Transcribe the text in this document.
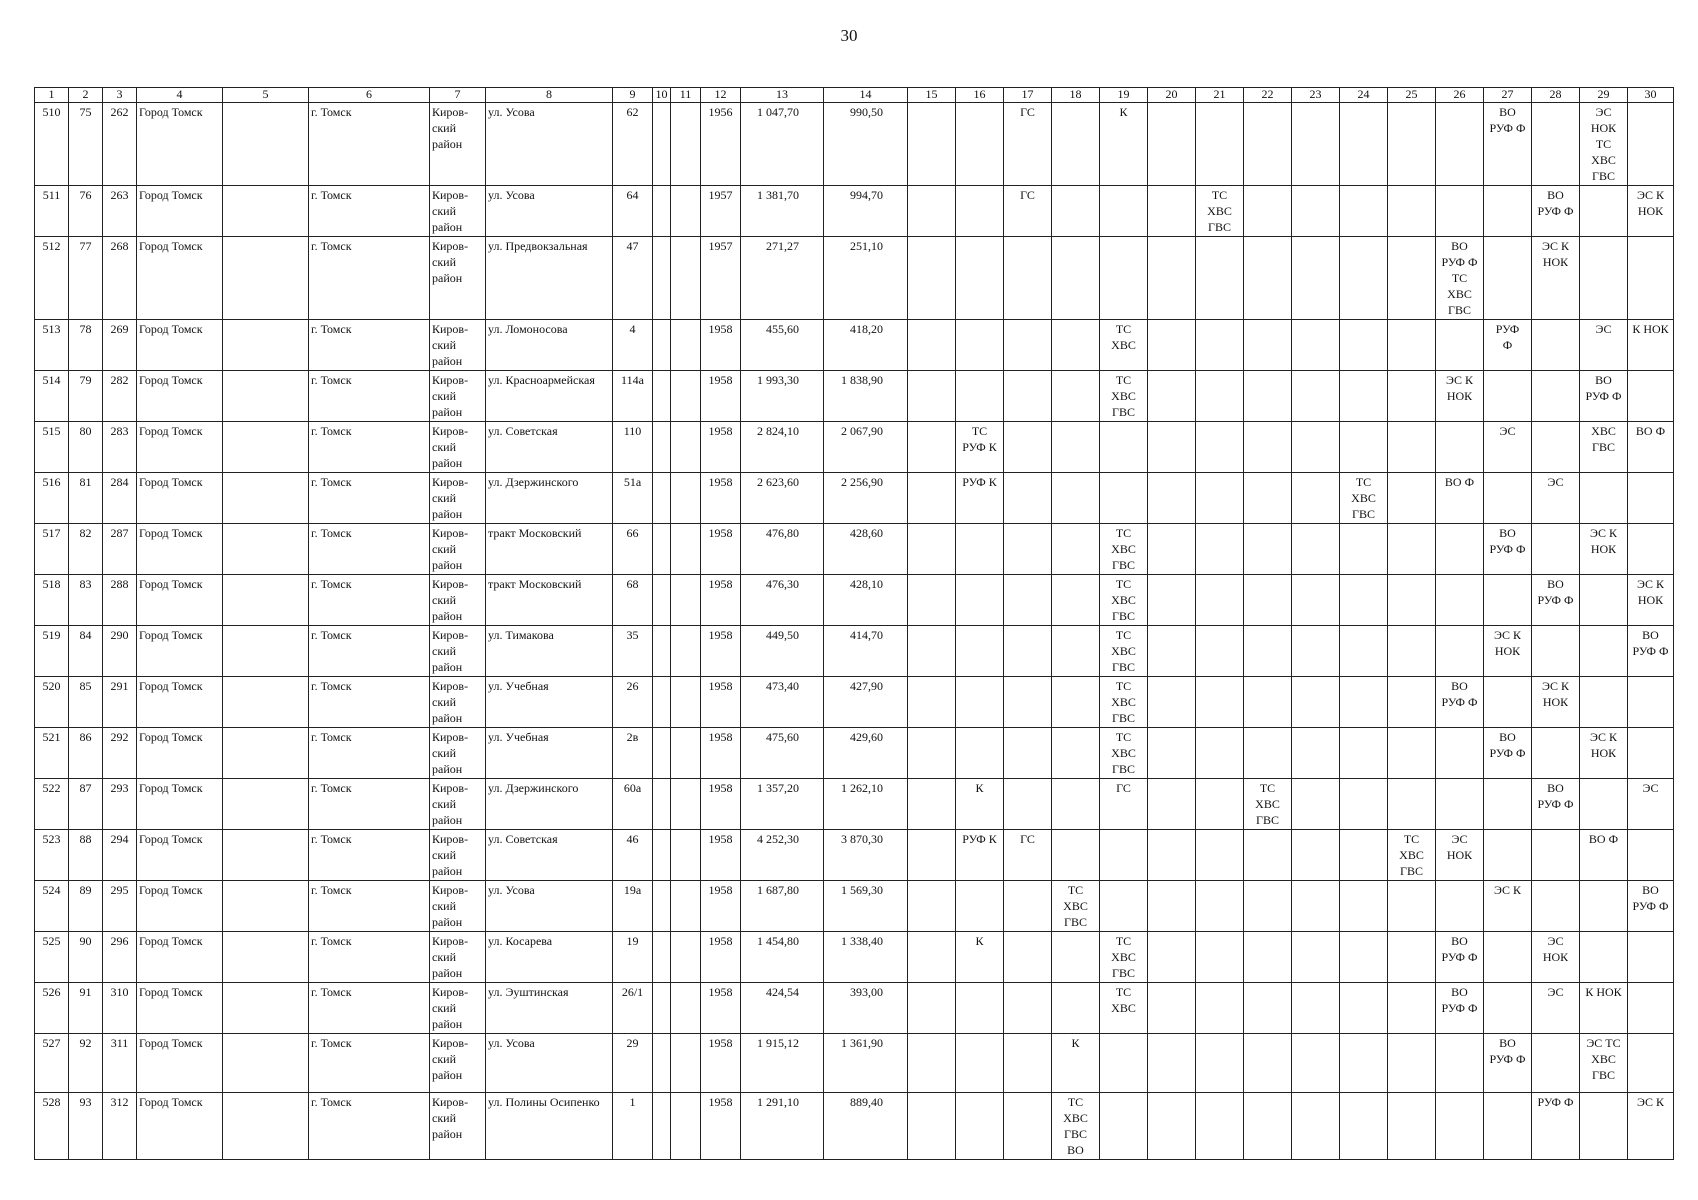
30
1	2	3	4	5	6	7	8	9	10	11	12	13	14	15	16	17	18	19	20	21	22	23	24	25	26	27	28	29	30
510	75	262	Город Томск		г. Томск	Киров-
ский
район	ул. Усова	62			1956	1 047,70	990,50			ГС		К								ВО
РУФ Ф		ЭС
НОК
ТС
ХВС
ГВС	
511	76	263	Город Томск		г. Томск	Киров-
ский
район	ул. Усова	64			1957	1 381,70	994,70			ГС				ТС
ХВС
ГВС							ВО
РУФ Ф		ЭС К
НОК
512	77	268	Город Томск		г. Томск	Киров-
ский
район	ул. Предвокзальная	47			1957	271,27	251,10												ВО
РУФ Ф
ТС
ХВС
ГВС		ЭС К
НОК		
513	78	269	Город Томск		г. Томск	Киров-
ский
район	ул. Ломоносова	4			1958	455,60	418,20					ТС
ХВС								РУФ
Ф		ЭС	К НОК
514	79	282	Город Томск		г. Томск	Киров-
ский
район	ул. Красноармейская	114а			1958	1 993,30	1 838,90					ТС
ХВС
ГВС							ЭС К
НОК			ВО
РУФ Ф	
515	80	283	Город Томск		г. Томск	Киров-
ский
район	ул. Советская	110			1958	2 824,10	2 067,90		ТС
РУФ К											ЭС		ХВС
ГВС	ВО Ф
516	81	284	Город Томск		г. Томск	Киров-
ский
район	ул. Дзержинского	51а			1958	2 623,60	2 256,90		РУФ К								ТС
ХВС
ГВС		ВО Ф		ЭС		
517	82	287	Город Томск		г. Томск	Киров-
ский
район	тракт Московский	66			1958	476,80	428,60					ТС
ХВС
ГВС								ВО
РУФ Ф		ЭС К
НОК	
518	83	288	Город Томск		г. Томск	Киров-
ский
район	тракт Московский	68			1958	476,30	428,10					ТС
ХВС
ГВС									ВО
РУФ Ф		ЭС К
НОК
519	84	290	Город Томск		г. Томск	Киров-
ский
район	ул. Тимакова	35			1958	449,50	414,70					ТС
ХВС
ГВС								ЭС К
НОК			ВО
РУФ Ф
520	85	291	Город Томск		г. Томск	Киров-
ский
район	ул. Учебная	26			1958	473,40	427,90					ТС
ХВС
ГВС							ВО
РУФ Ф		ЭС К
НОК		
521	86	292	Город Томск		г. Томск	Киров-
ский
район	ул. Учебная	2в			1958	475,60	429,60					ТС
ХВС
ГВС								ВО
РУФ Ф		ЭС К
НОК	
522	87	293	Город Томск		г. Томск	Киров-
ский
район	ул. Дзержинского	60а			1958	1 357,20	1 262,10		К			ГС			ТС
ХВС
ГВС						ВО
РУФ Ф		ЭС
523	88	294	Город Томск		г. Томск	Киров-
ский
район	ул. Советская	46			1958	4 252,30	3 870,30		РУФ К	ГС								ТС
ХВС
ГВС	ЭС
НОК			ВО Ф	
524	89	295	Город Томск		г. Томск	Киров-
ский
район	ул. Усова	19а			1958	1 687,80	1 569,30				ТС
ХВС
ГВС									ЭС К			ВО
РУФ Ф
525	90	296	Город Томск		г. Томск	Киров-
ский
район	ул. Косарева	19			1958	1 454,80	1 338,40		К			ТС
ХВС
ГВС							ВО
РУФ Ф		ЭС
НОК		
526	91	310	Город Томск		г. Томск	Киров-
ский
район	ул. Эуштинская	26/1			1958	424,54	393,00					ТС
ХВС							ВО
РУФ Ф		ЭС	К НОК	
527	92	311	Город Томск		г. Томск	Киров-
ский
район	ул. Усова	29			1958	1 915,12	1 361,90				К									ВО
РУФ Ф		ЭС ТС
ХВС
ГВС	
528	93	312	Город Томск		г. Томск	Киров-
ский
район	ул. Полины Осипенко	1			1958	1 291,10	889,40				ТС
ХВС
ГВС
ВО										РУФ Ф		ЭС К
